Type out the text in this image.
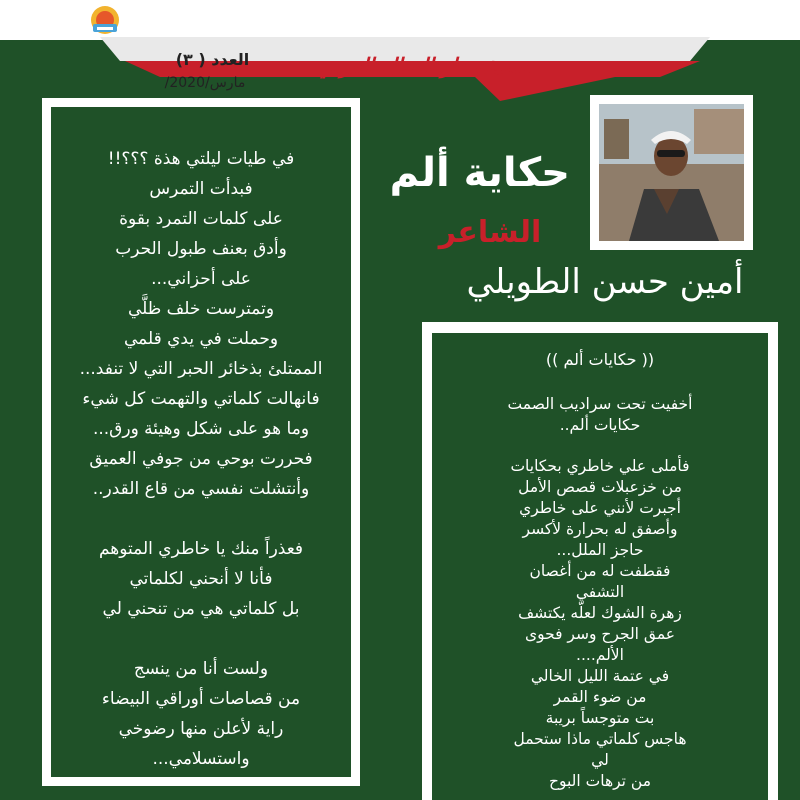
صحيفة دار المنال العزبي
العدد ( ٣)
مارس/2020/
حكاية ألم
الشاعر
أمين حسن الطويلي
في طيات ليلتي هذة ؟؟؟!!
فبدأت التمرس
على كلمات التمرد بقوة
وأدق بعنف طبول الحرب
على أحزاني...
وتمترست خلف ظلَّي
وحملت في يدي قلمي
الممتلئ بذخائر الحبر التي لا تنفد...
فانهالت كلماتي والتهمت كل شيء
وما هو على شكل وهيئة ورق...
فحررت بوحي من جوفي العميق
وأنتشلت نفسي من قاع القدر..
فعذراً منك يا خاطري المتوهم
فأنا لا أنحني لكلماتي
بل كلماتي هي من تنحني لي
ولست أنا من ينسج
من قصاصات أوراقي البيضاء
راية لأعلن منها رضوخي
واستسلامي...
(( حكايات ألم ))
أخفيت تحت سراديب الصمت
حكايات ألم..
فأملى علي خاطري بحكايات
من خزعبلات قصص الأمل
أجبرت لأنني على خاطري
وأصفق له بحرارة لأكسر
حاجز الملل...
فقطفت له من أغصان
التشفي
زهرة الشوك لعلّه يكتشف
عمق الجرح وسر فحوى
الألم....
في عتمة الليل الخالي
من ضوء القمر
بت متوجساً بريبة
هاجس كلماتي ماذا ستحمل
لي
من ترهات البوح
